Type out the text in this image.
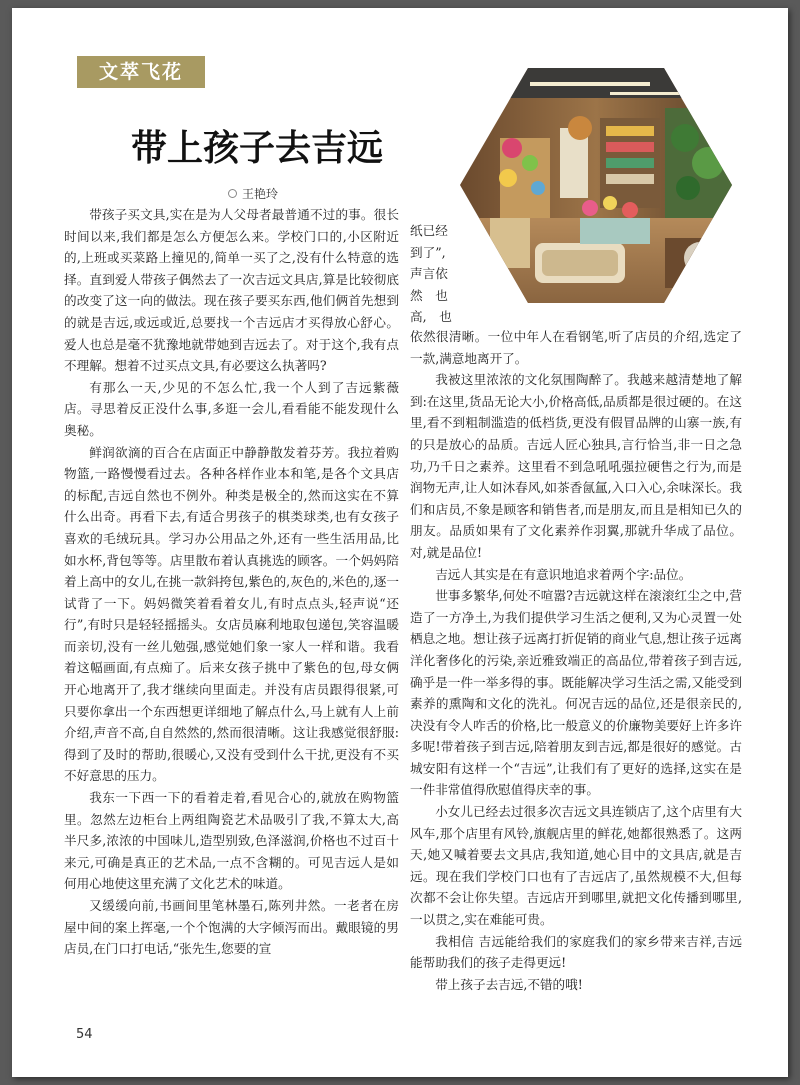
文萃飞花
带上孩子去吉远
王艳玲

带孩子买文具,实在是为人父母者最普通不过的事。很长时间以来,我们都是怎么方便怎么来。学校门口的,小区附近的,上班或买菜路上撞见的,简单一买了之,没有什么特意的选择。直到爱人带孩子偶然去了一次吉远文具店,算是比较彻底的改变了这一向的做法。现在孩子要买东西,他们俩首先想到的就是吉远,或远或近,总要找一个吉远店才买得放心舒心。爱人也总是毫不犹豫地就带她到吉远去了。对于这个,我有点不理解。想着不过买点文具,有必要这么执著吗?

有那么一天,少见的不怎么忙,我一个人到了吉远紫薇店。寻思着反正没什么事,多逛一会儿,看看能不能发现什么奥秘。

鲜润欲滴的百合在店面正中静静散发着芬芳。我拉着购物篮,一路慢慢看过去。各种各样作业本和笔,是各个文具店的标配,吉远自然也不例外。种类是极全的,然而这实在不算什么出奇。再看下去,有适合男孩子的棋类球类,也有女孩子喜欢的毛绒玩具。学习办公用品之外,还有一些生活用品,比如水杯,背包等等。店里散布着认真挑选的顾客。一个妈妈陪着上高中的女儿,在挑一款斜挎包,紫色的,灰色的,米色的,逐一试背了一下。妈妈微笑着看着女儿,有时点点头,轻声说“还行”,有时只是轻轻摇摇头。女店员麻利地取包递包,笑容温暖而亲切,没有一丝儿勉强,感觉她们象一家人一样和谐。我看着这幅画面,有点痴了。后来女孩子挑中了紫色的包,母女俩开心地离开了,我才继续向里面走。并没有店员跟得很紧,可只要你拿出一个东西想更详细地了解点什么,马上就有人上前介绍,声音不高,自自然然的,然而很清晰。这让我感觉很舒服:得到了及时的帮助,很暖心,又没有受到什么干扰,更没有不买不好意思的压力。

我东一下西一下的看着走着,看见合心的,就放在购物篮里。忽然左边柜台上两组陶瓷艺术品吸引了我,不算太大,高半尺多,浓浓的中国味儿,造型别致,色泽滋润,价格也不过百十来元,可确是真正的艺术品,一点不含糊的。可见吉远人是如何用心地使这里充满了文化艺术的味道。

又缓缓向前,书画间里笔林墨石,陈列井然。一老者在房屋中间的案上挥毫,一个个饱满的大字倾泻而出。戴眼镜的男店员,在门口打电话,“张先生,您要的宣

纸已经
到了”,
声言依
然　也
高,　也

依然很清晰。一位中年人在看钢笔,听了店员的介绍,选定了一款,满意地离开了。

我被这里浓浓的文化氛围陶醉了。我越来越清楚地了解到:在这里,货品无论大小,价格高低,品质都是很过硬的。在这里,看不到粗制滥造的低档货,更没有假冒品牌的山寨一族,有的只是放心的品质。吉远人匠心独具,言行恰当,非一日之急功,乃千日之素养。这里看不到急吼吼强拉硬售之行为,而是润物无声,让人如沐春风,如茶香氤氲,入口入心,余味深长。我们和店员,不象是顾客和销售者,而是朋友,而且是相知已久的朋友。品质如果有了文化素养作羽翼,那就升华成了品位。对,就是品位!

吉远人其实是在有意识地追求着两个字:品位。

世事多繁华,何处不喧嚣?吉远就这样在滚滚红尘之中,营造了一方净土,为我们提供学习生活之便利,又为心灵置一处栖息之地。想让孩子远离打折促销的商业气息,想让孩子远离洋化奢侈化的污染,亲近雅致端正的高品位,带着孩子到吉远,确乎是一件一举多得的事。既能解决学习生活之需,又能受到素养的熏陶和文化的洗礼。何况吉远的品位,还是很亲民的,决没有令人咋舌的价格,比一般意义的价廉物美要好上许多许多呢!带着孩子到吉远,陪着朋友到吉远,都是很好的感觉。古城安阳有这样一个“吉远”,让我们有了更好的选择,这实在是一件非常值得欣慰值得庆幸的事。

小女儿已经去过很多次吉远文具连锁店了,这个店里有大风车,那个店里有风铃,旗舰店里的鲜花,她都很熟悉了。这两天,她又喊着要去文具店,我知道,她心目中的文具店,就是吉远。现在我们学校门口也有了吉远店了,虽然规模不大,但每次都不会让你失望。吉远店开到哪里,就把文化传播到哪里,一以贯之,实在难能可贵。

我相信 吉远能给我们的家庭我们的家乡带来吉祥,吉远能帮助我们的孩子走得更远!

带上孩子去吉远,不错的哦!

54
